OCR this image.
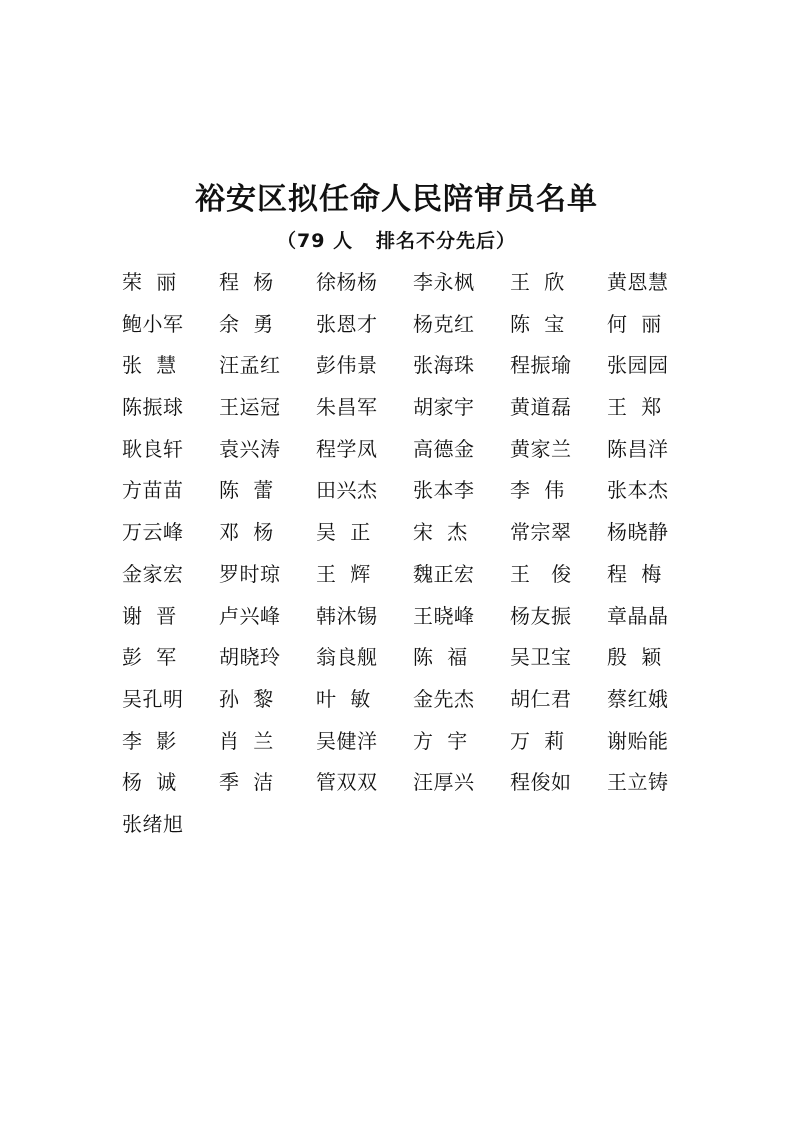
裕安区拟任命人民陪审员名单
（79 人   排名不分先后）
荣  丽	程  杨	徐杨杨	李永枫	王  欣	黄恩慧
鲍小军	余  勇	张恩才	杨克红	陈  宝	何  丽
张  慧	汪孟红	彭伟景	张海珠	程振瑜	张园园
陈振球	王运冠	朱昌军	胡家宇	黄道磊	王  郑
耿良轩	袁兴涛	程学凤	高德金	黄家兰	陈昌洋
方苗苗	陈  蕾	田兴杰	张本李	李  伟	张本杰
万云峰	邓  杨	吴  正	宋  杰	常宗翠	杨晓静
金家宏	罗时琼	王  辉	魏正宏	王   俊	程  梅
谢  晋	卢兴峰	韩沐锡	王晓峰	杨友振	章晶晶
彭  军	胡晓玲	翁良舰	陈  福	吴卫宝	殷  颖
吴孔明	孙  黎	叶  敏	金先杰	胡仁君	蔡红娥
李  影	肖  兰	吴健洋	方  宇	万  莉	谢贻能
杨  诚	季  洁	管双双	汪厚兴	程俊如	王立铸
张绪旭
